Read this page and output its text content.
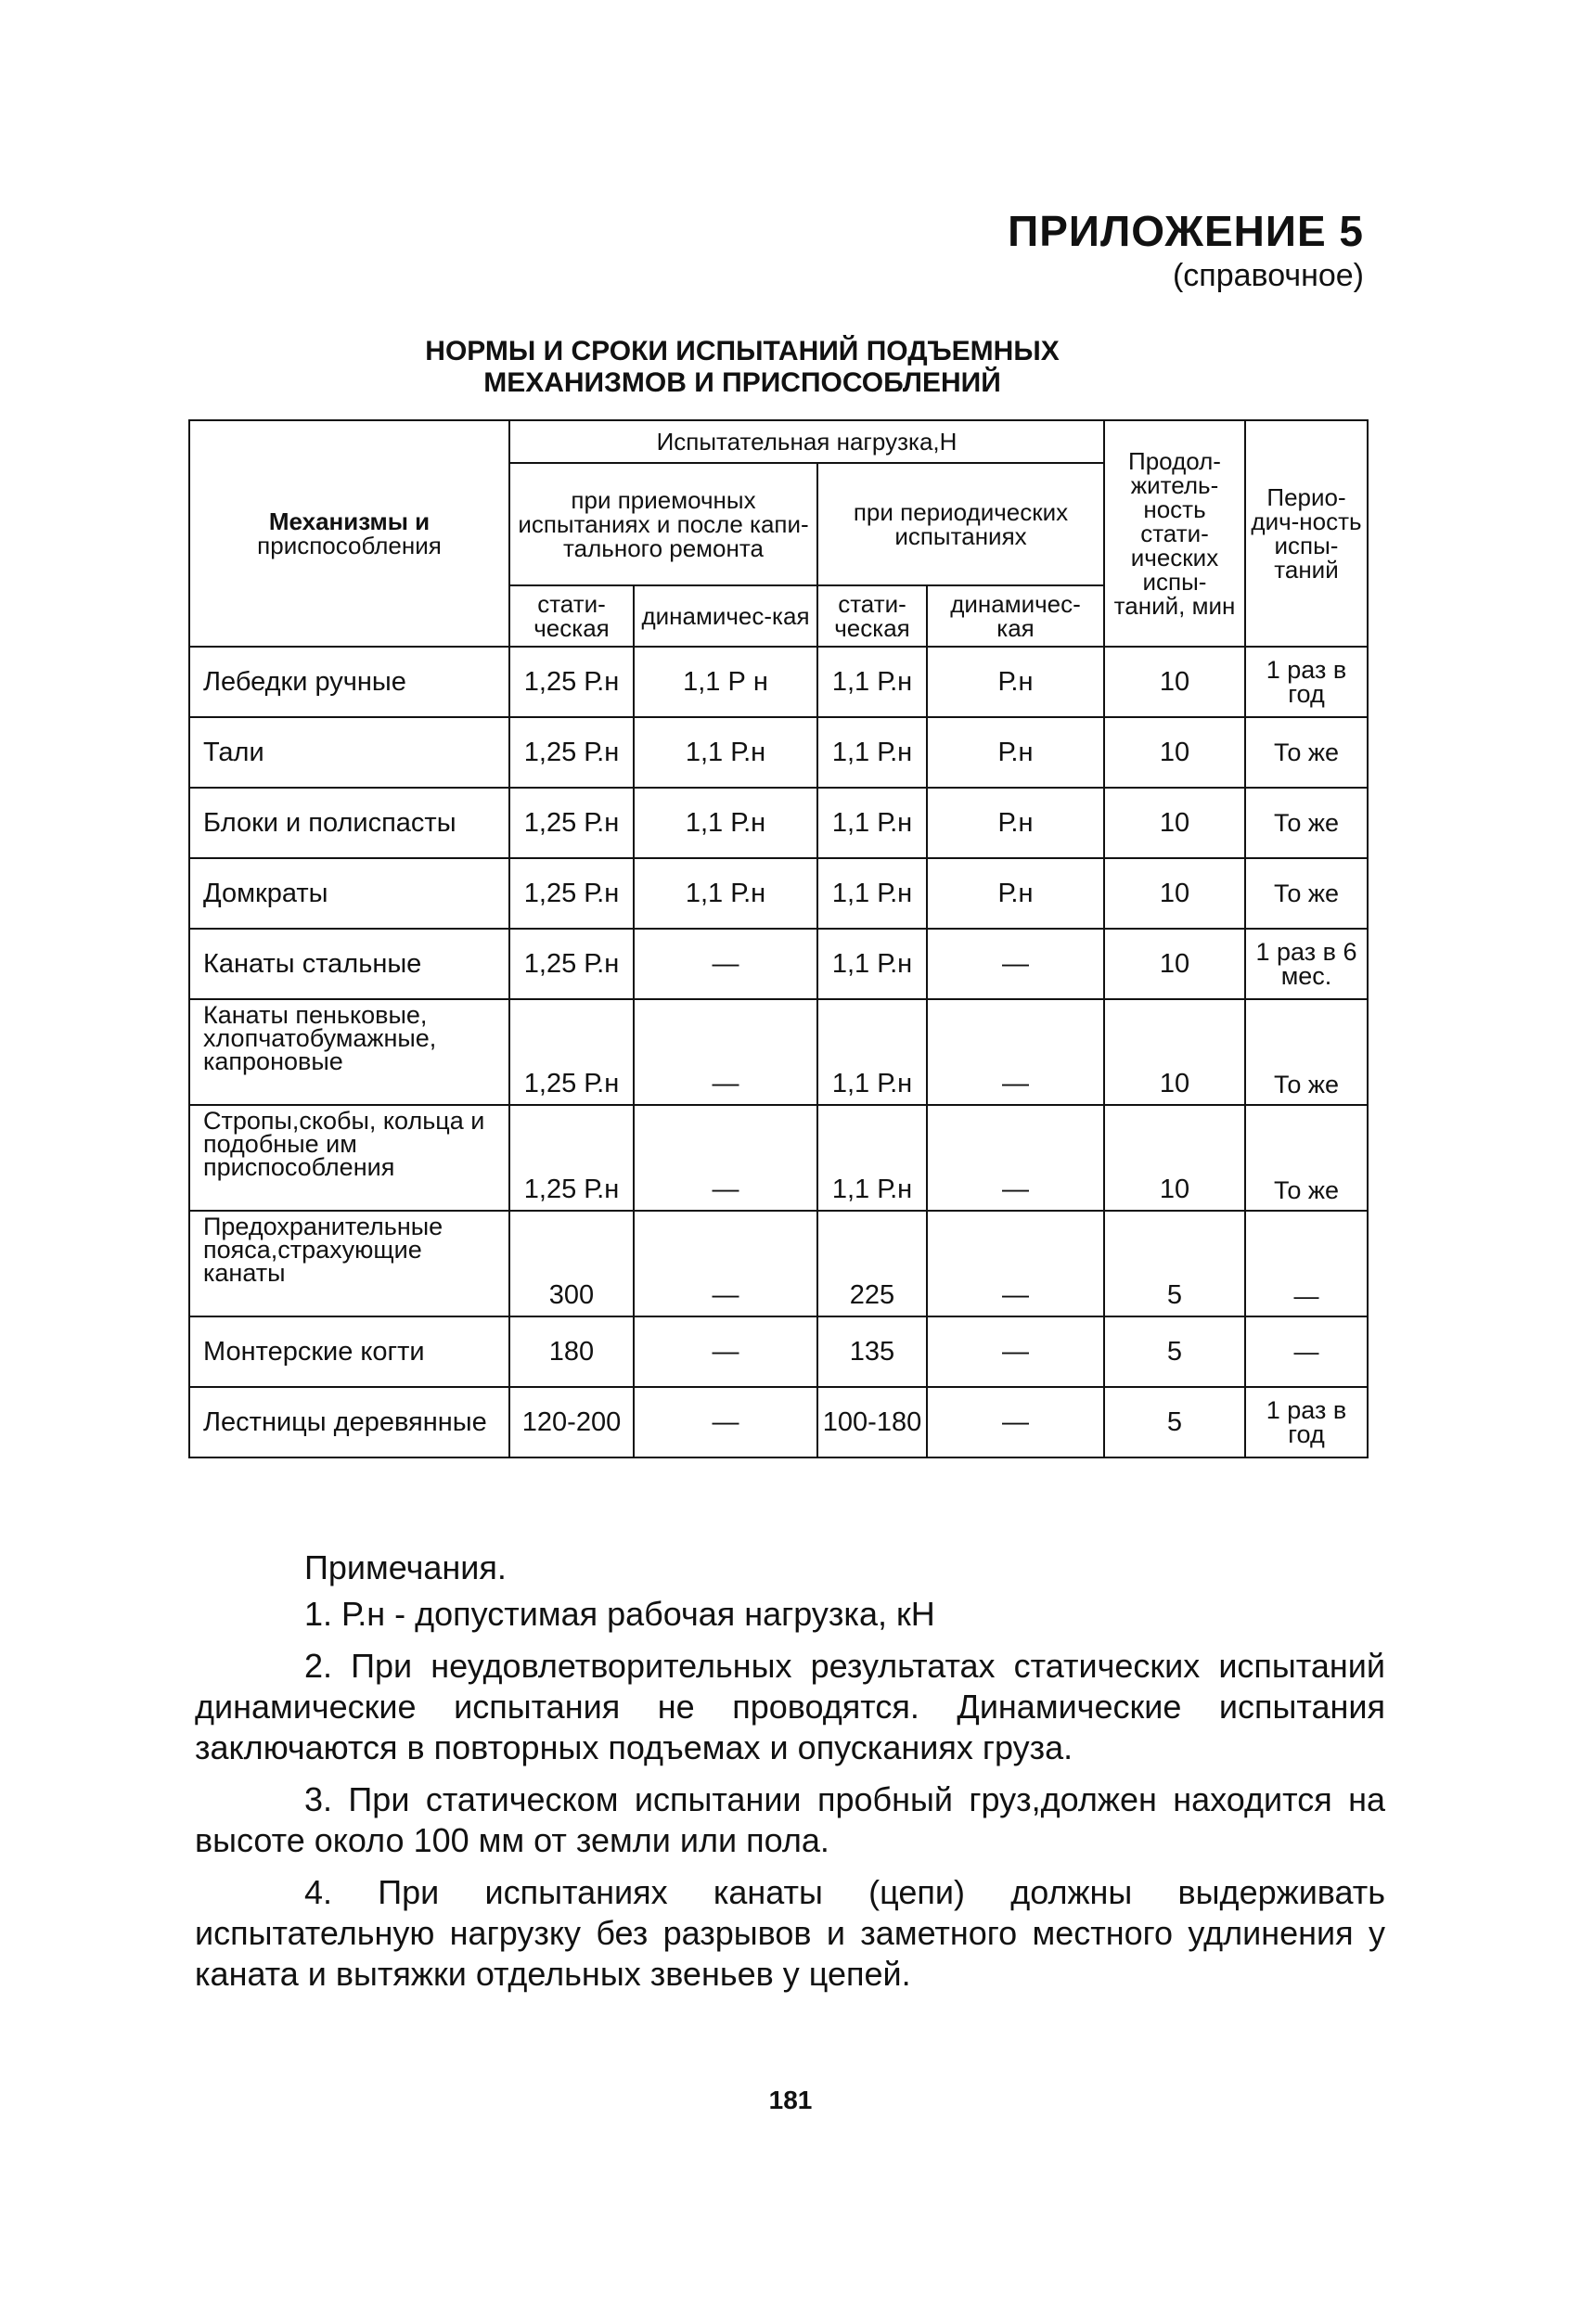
ПРИЛОЖЕНИЕ 5
(справочное)
НОРМЫ И СРОКИ ИСПЫТАНИЙ ПОДЪЕМНЫХ
МЕХАНИЗМОВ И ПРИСПОСОБЛЕНИЙ
Механизмы и
приспособления	Испытательная нагрузка,Н				Продол-житель-ность стати-ических испы-таний, мин	Перио-дич-ность испы-таний
	при приемочных испытаниях и после капи-тального ремонта		при периодических испытаниях			
	стати-ческая	динамичес-кая	стати-ческая	динамичес-кая		
Лебедки ручные	1,25 Р.н	1,1 Р н	1,1 Р.н	Р.н	10	1 раз в год
Тали	1,25 Р.н	1,1 Р.н	1,1 Р.н	Р.н	10	То же
Блоки и полиспасты	1,25 Р.н	1,1 Р.н	1,1 Р.н	Р.н	10	То же
Домкраты	1,25 Р.н	1,1 Р.н	1,1 Р.н	Р.н	10	То же
Канаты стальные	1,25 Р.н	—	1,1 Р.н	—	10	1 раз в 6 мес.
Канаты пеньковые, хлопчатобумажные, капроновые	1,25 Р.н	—	1,1 Р.н	—	10	То же
Стропы,скобы, кольца и подобные им приспособления	1,25 Р.н	—	1,1 Р.н	—	10	То же
Предохранительные пояса,страхующие канаты	300	—	225	—	5	—
Монтерские когти	180	—	135	—	5	—
Лестницы деревянные	120-200	—	100-180	—	5	1 раз в год
Примечания.
1. Р.н - допустимая рабочая нагрузка, кН
2. При неудовлетворительных результатах статических испытаний динамические испытания не проводятся. Динамические испытания заключаются в повторных подъемах и опусканиях груза.
3. При статическом испытании пробный груз,должен находится на высоте около 100 мм от земли или пола.
4. При испытаниях канаты (цепи) должны выдерживать испытательную нагрузку без разрывов и заметного местного удлинения у каната и вытяжки отдельных звеньев у цепей.
181
